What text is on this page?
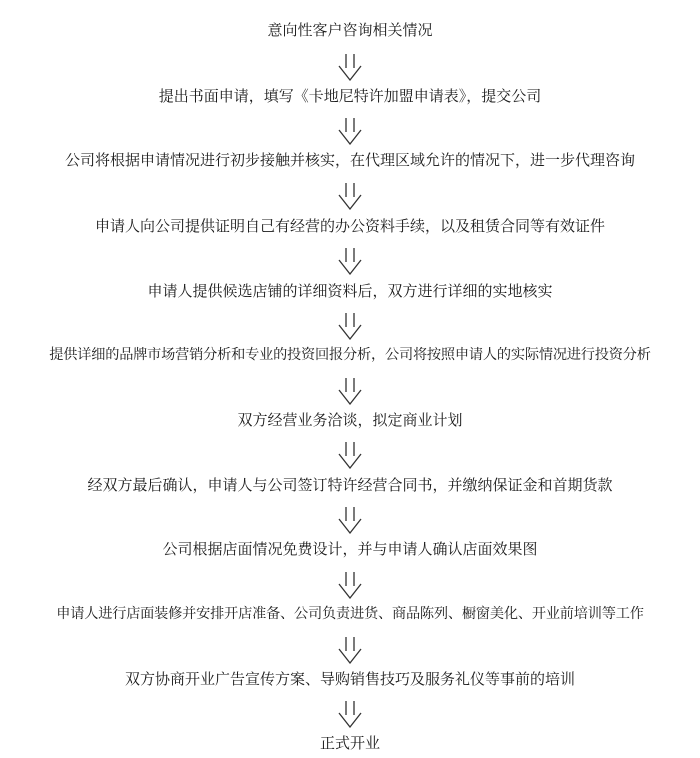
意向性客户咨询相关情况
提出书面申请，填写《卡地尼特许加盟申请表》，提交公司
公司将根据申请情况进行初步接触并核实，在代理区域允许的情况下，进一步代理咨询
申请人向公司提供证明自己有经营的办公资料手续，以及租赁合同等有效证件
申请人提供候选店铺的详细资料后，双方进行详细的实地核实
提供详细的品牌市场营销分析和专业的投资回报分析，公司将按照申请人的实际情况进行投资分析
双方经营业务洽谈，拟定商业计划
经双方最后确认，申请人与公司签订特许经营合同书，并缴纳保证金和首期货款
公司根据店面情况免费设计，并与申请人确认店面效果图
申请人进行店面装修并安排开店准备、公司负责进货、商品陈列、橱窗美化、开业前培训等工作
双方协商开业广告宣传方案、导购销售技巧及服务礼仪等事前的培训
正式开业
